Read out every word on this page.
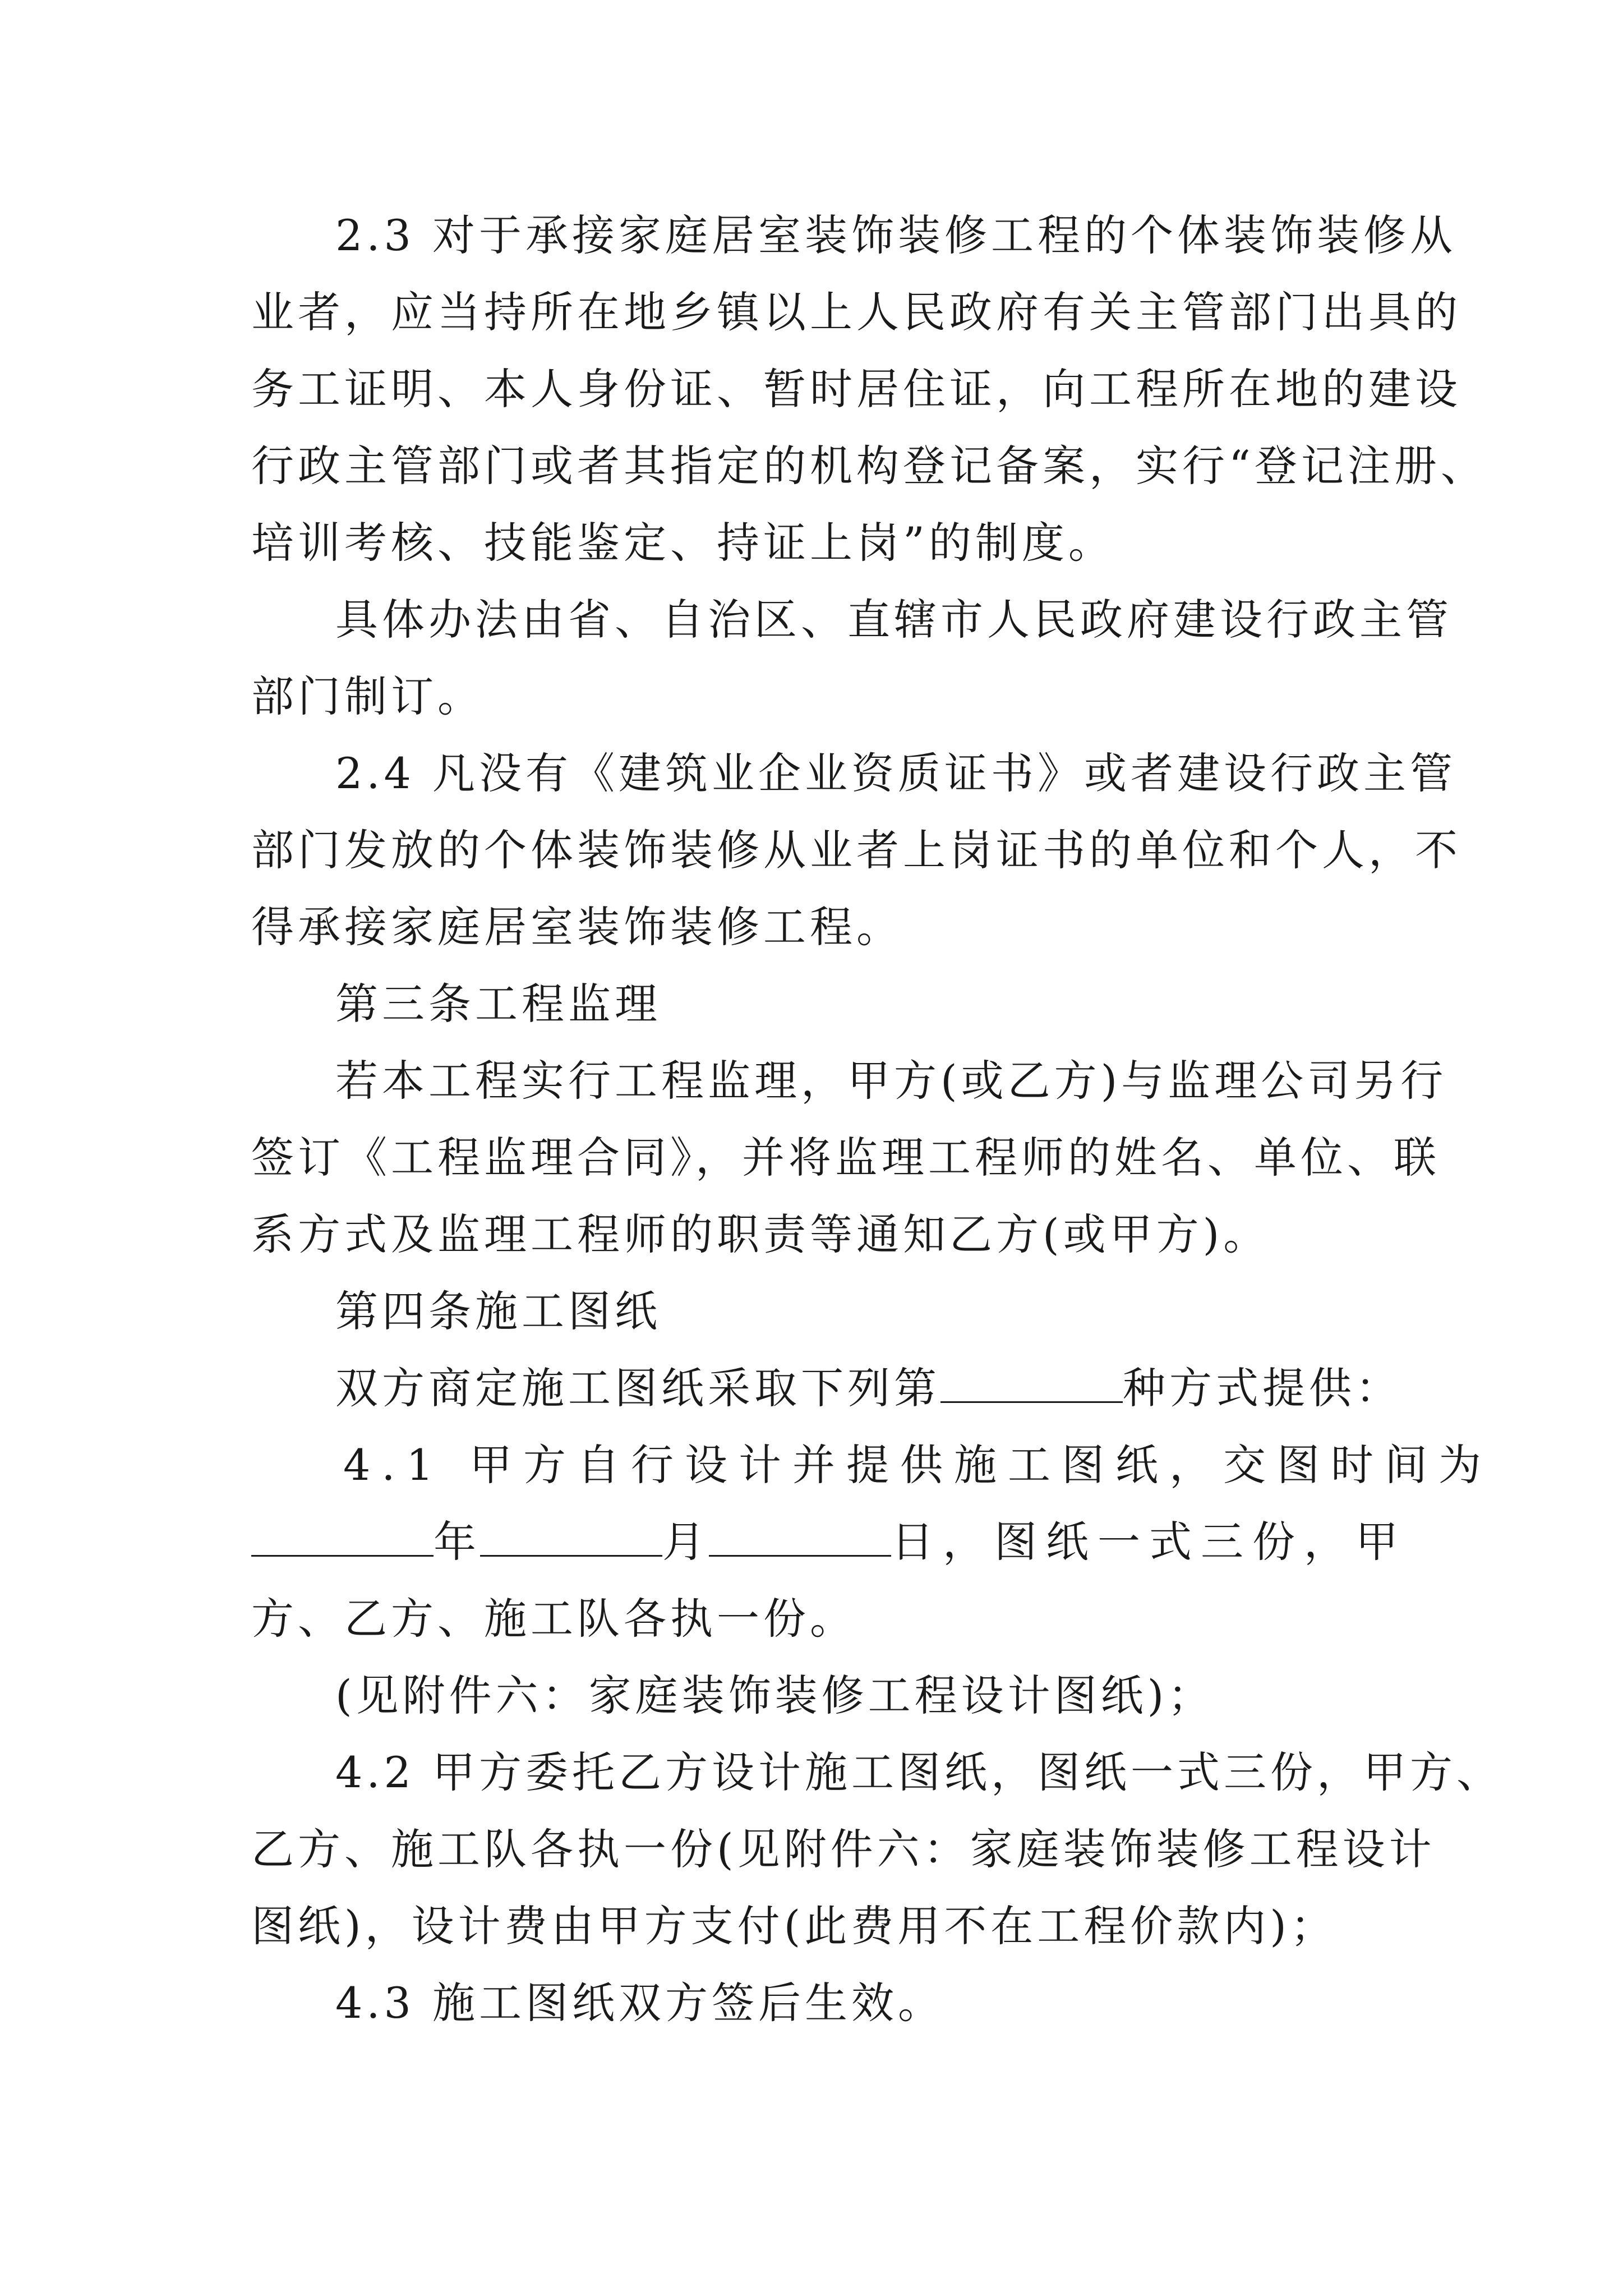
2.3 对于承接家庭居室装饰装修工程的个体装饰装修从
业者，应当持所在地乡镇以上人民政府有关主管部门出具的
务工证明、本人身份证、暂时居住证，向工程所在地的建设
行政主管部门或者其指定的机构登记备案，实行“登记注册、
培训考核、技能鉴定、持证上岗”的制度。
具体办法由省、自治区、直辖市人民政府建设行政主管
部门制订。
2.4 凡没有《建筑业企业资质证书》或者建设行政主管
部门发放的个体装饰装修从业者上岗证书的单位和个人，不
得承接家庭居室装饰装修工程。
第三条工程监理
若本工程实行工程监理，甲方(或乙方)与监理公司另行
签订《工程监理合同》，并将监理工程师的姓名、单位、联
系方式及监理工程师的职责等通知乙方(或甲方)。
第四条施工图纸
双方商定施工图纸采取下列第	种方式提供：
4.1 甲方自行设计并提供施工图纸，交图时间为
年	月	日，图纸一式三份，甲
方、乙方、施工队各执一份。
(见附件六：家庭装饰装修工程设计图纸)；
4.2 甲方委托乙方设计施工图纸，图纸一式三份，甲方、
乙方、施工队各执一份(见附件六：家庭装饰装修工程设计
图纸)，设计费由甲方支付(此费用不在工程价款内)；
4.3 施工图纸双方签后生效。
